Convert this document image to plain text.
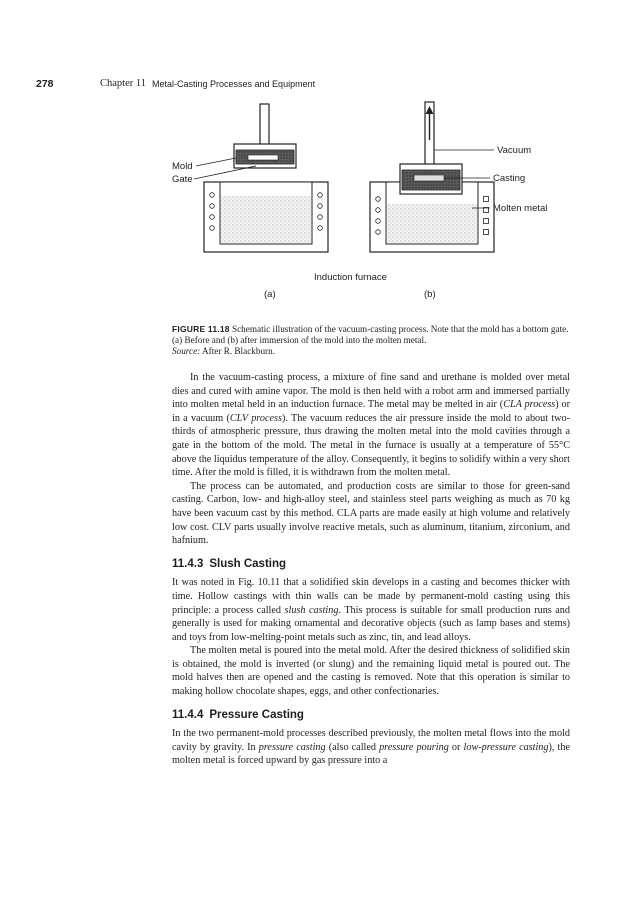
278	Chapter 11 Metal-Casting Processes and Equipment
Mold
Gate
(a)
Vacuum
Casting
Molten metal
(b)
Induction furnace
FIGURE 11.18 Schematic illustration of the vacuum-casting process. Note that the mold has a bottom gate. (a) Before and (b) after immersion of the mold into the molten metal.
Source: After R. Blackburn.

In the vacuum-casting process, a mixture of fine sand and urethane is molded over metal dies and cured with amine vapor. The mold is then held with a robot arm and immersed partially into molten metal held in an induction furnace. The metal may be melted in air (CLA process) or in a vacuum (CLV process). The vacuum reduces the air pressure inside the mold to about two-thirds of atmospheric pressure, thus drawing the molten metal into the mold cavities through a gate in the bottom of the mold. The metal in the furnace is usually at a temperature of 55°C above the liquidus temperature of the alloy. Consequently, it begins to solidify within a very short time. After the mold is filled, it is withdrawn from the molten metal.

The process can be automated, and production costs are similar to those for green-sand casting. Carbon, low- and high-alloy steel, and stainless steel parts weighing as much as 70 kg have been vacuum cast by this method. CLA parts are made easily at high volume and relatively low cost. CLV parts usually involve reactive metals, such as aluminum, titanium, zirconium, and hafnium.

11.4.3 Slush Casting

It was noted in Fig. 10.11 that a solidified skin develops in a casting and becomes thicker with time. Hollow castings with thin walls can be made by permanent-mold casting using this principle: a process called slush casting. This process is suitable for small production runs and generally is used for making ornamental and decorative objects (such as lamp bases and stems) and toys from low-melting-point metals such as zinc, tin, and lead alloys.

The molten metal is poured into the metal mold. After the desired thickness of solidified skin is obtained, the mold is inverted (or slung) and the remaining liquid metal is poured out. The mold halves then are opened and the casting is removed. Note that this operation is similar to making hollow chocolate shapes, eggs, and other confectionaries.

11.4.4 Pressure Casting

In the two permanent-mold processes described previously, the molten metal flows into the mold cavity by gravity. In pressure casting (also called pressure pouring or low-pressure casting), the molten metal is forced upward by gas pressure into a
